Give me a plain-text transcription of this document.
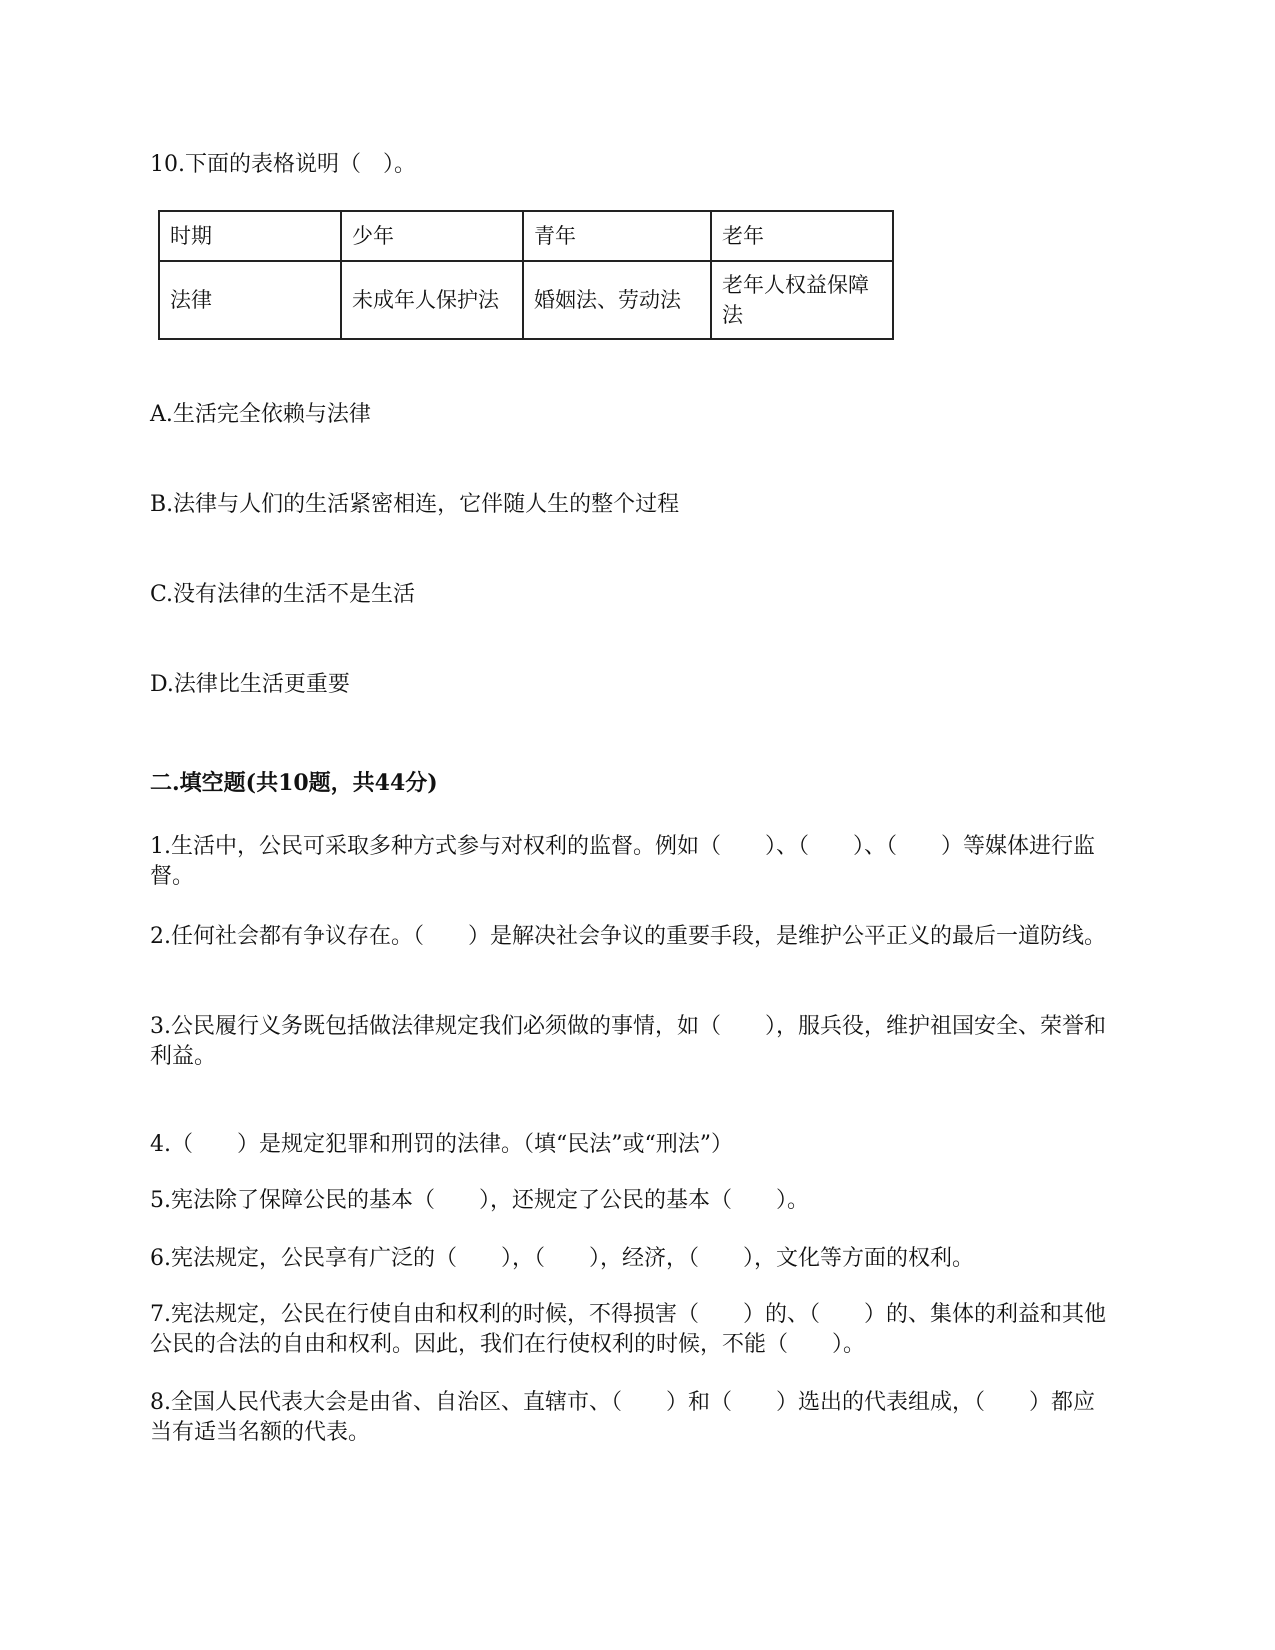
10.下面的表格说明（　）。
时期	少年	青年	老年
法律	未成年人保护法	婚姻法、劳动法	老年人权益保障法
A.生活完全依赖与法律
B.法律与人们的生活紧密相连，它伴随人生的整个过程
C.没有法律的生活不是生活
D.法律比生活更重要
二.填空题(共10题，共44分)
1.生活中，公民可采取多种方式参与对权利的监督。例如（　　）、（　　）、（　　）等媒体进行监督。
2.任何社会都有争议存在。（　　）是解决社会争议的重要手段，是维护公平正义的最后一道防线。
3.公民履行义务既包括做法律规定我们必须做的事情，如（　　），服兵役，维护祖国安全、荣誉和利益。
4.（　　）是规定犯罪和刑罚的法律。（填“民法”或“刑法”）
5.宪法除了保障公民的基本（　　），还规定了公民的基本（　　）。
6.宪法规定，公民享有广泛的（　　），（　　），经济，（　　），文化等方面的权利。
7.宪法规定，公民在行使自由和权利的时候，不得损害（　　）的、（　　）的、集体的利益和其他公民的合法的自由和权利。因此，我们在行使权利的时候，不能（　　）。
8.全国人民代表大会是由省、自治区、直辖市、（　　）和（　　）选出的代表组成，（　　）都应当有适当名额的代表。
